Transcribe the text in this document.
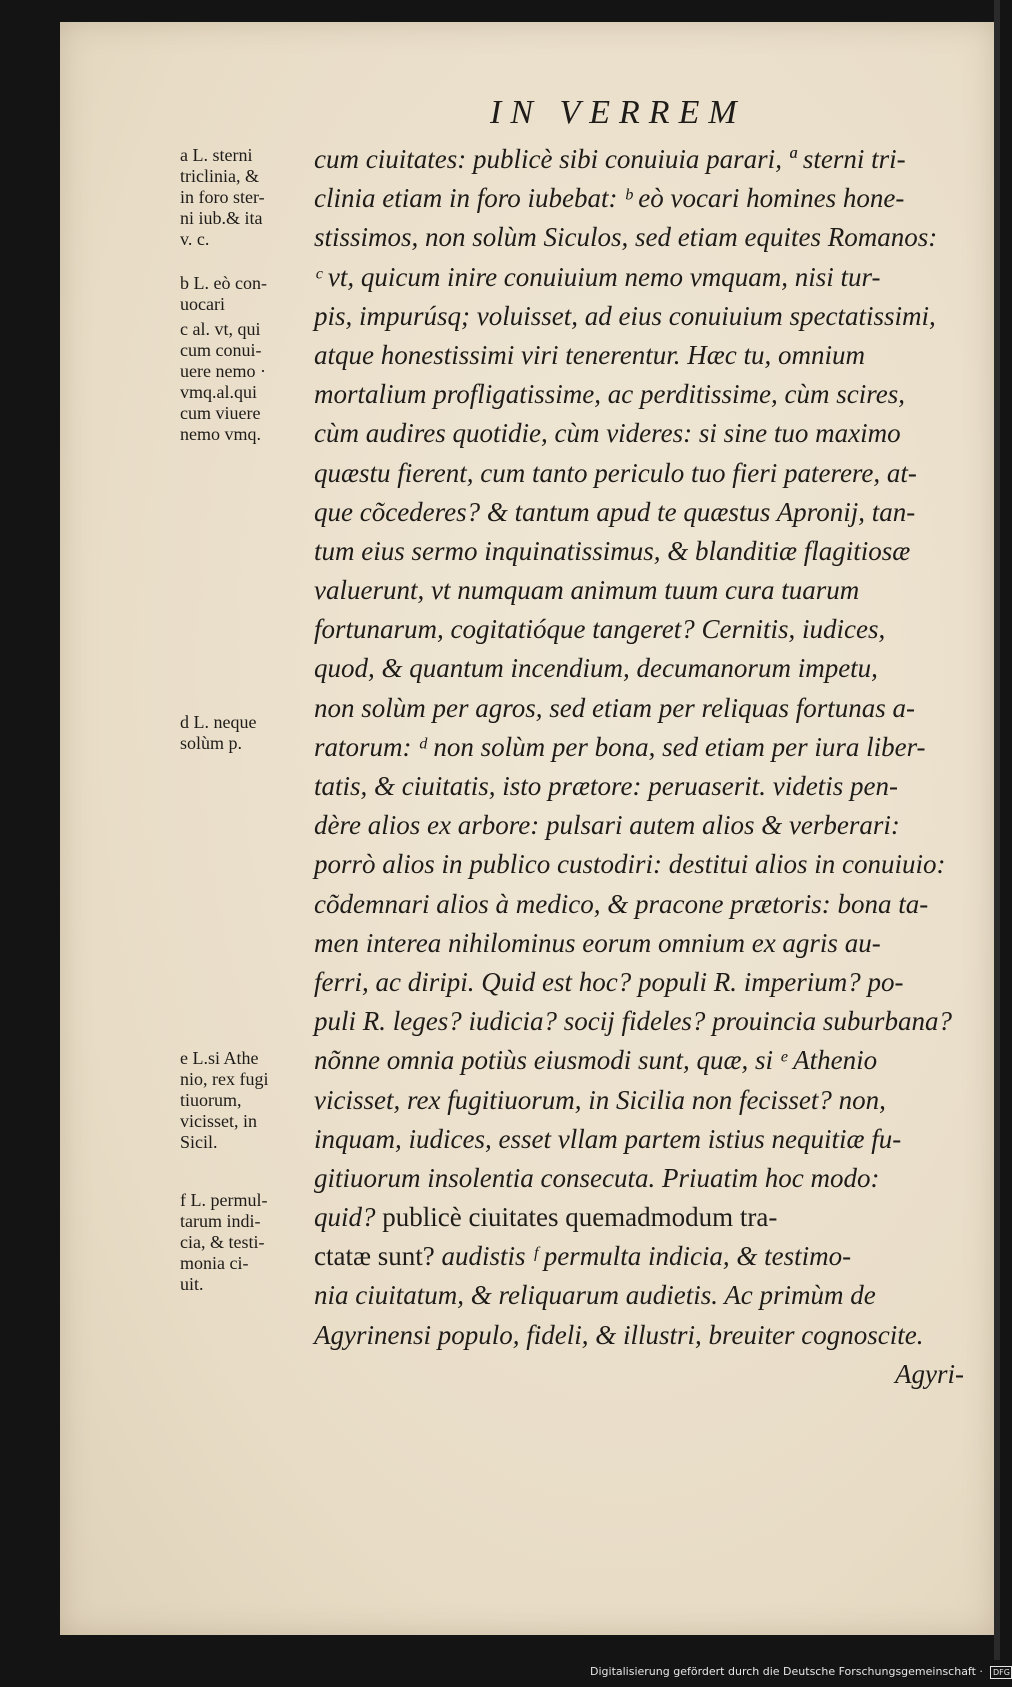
IN VERREM
a L. sterni
triclinia, &
in foro ster-
ni iub.& ita
v. c.
b L. eò con-
uocari
c al. vt, qui
cum conui-
uere nemo ·
vmq.al.qui
cum viuere
nemo vmq.
d L. neque
solùm p.
e L.si Athe
nio, rex fugi
tiuorum,
vicisset, in
Sicil.
f L. permul-
tarum indi-
cia, & testi-
monia ci-
uit.
cum ciuitates: publicè sibi conuiuia parari, ª sterni tri-
clinia etiam in foro iubebat: ᵇ eò vocari homines hone-
stissimos, non solùm Siculos, sed etiam equites Romanos:
ᶜ vt, quicum inire conuiuium nemo vmquam, nisi tur-
pis, impurúsq; voluisset, ad eius conuiuium spectatissimi,
atque honestissimi viri tenerentur. Hæc tu, omnium
mortalium profligatissime, ac perditissime, cùm scires,
cùm audires quotidie, cùm videres: si sine tuo maximo
quæstu fierent, cum tanto periculo tuo fieri paterere, at-
que cõcederes? & tantum apud te quæstus Apronij, tan-
tum eius sermo inquinatissimus, & blanditiæ flagitiosæ
valuerunt, vt numquam animum tuum cura tuarum
fortunarum, cogitatióque tangeret? Cernitis, iudices,
quod, & quantum incendium, decumanorum impetu,
non solùm per agros, sed etiam per reliquas fortunas a-
ratorum: ᵈ non solùm per bona, sed etiam per iura liber-
tatis, & ciuitatis, isto prætore: peruaserit. videtis pen-
dère alios ex arbore: pulsari autem alios & verberari:
porrò alios in publico custodiri: destitui alios in conuiuio:
cõdemnari alios à medico, & pracone prætoris: bona ta-
men interea nihilominus eorum omnium ex agris au-
ferri, ac diripi. Quid est hoc? populi R. imperium? po-
puli R. leges? iudicia? socij fideles? prouincia suburbana?
nõnne omnia potiùs eiusmodi sunt, quæ, si ᵉ Athenio
vicisset, rex fugitiuorum, in Sicilia non fecisset? non,
inquam, iudices, esset vllam partem istius nequitiæ fu-
gitiuorum insolentia consecuta. Priuatim hoc modo:
quid? publicè ciuitates quemadmodum tra-
ctatæ sunt? audistis ᶠ permulta indicia, & testimo-
nia ciuitatum, & reliquarum audietis. Ac primùm de
Agyrinensi populo, fideli, & illustri, breuiter cognoscite.
Agyri-
Digitalisierung gefördert durch die Deutsche Forschungsgemeinschaft · DFG
